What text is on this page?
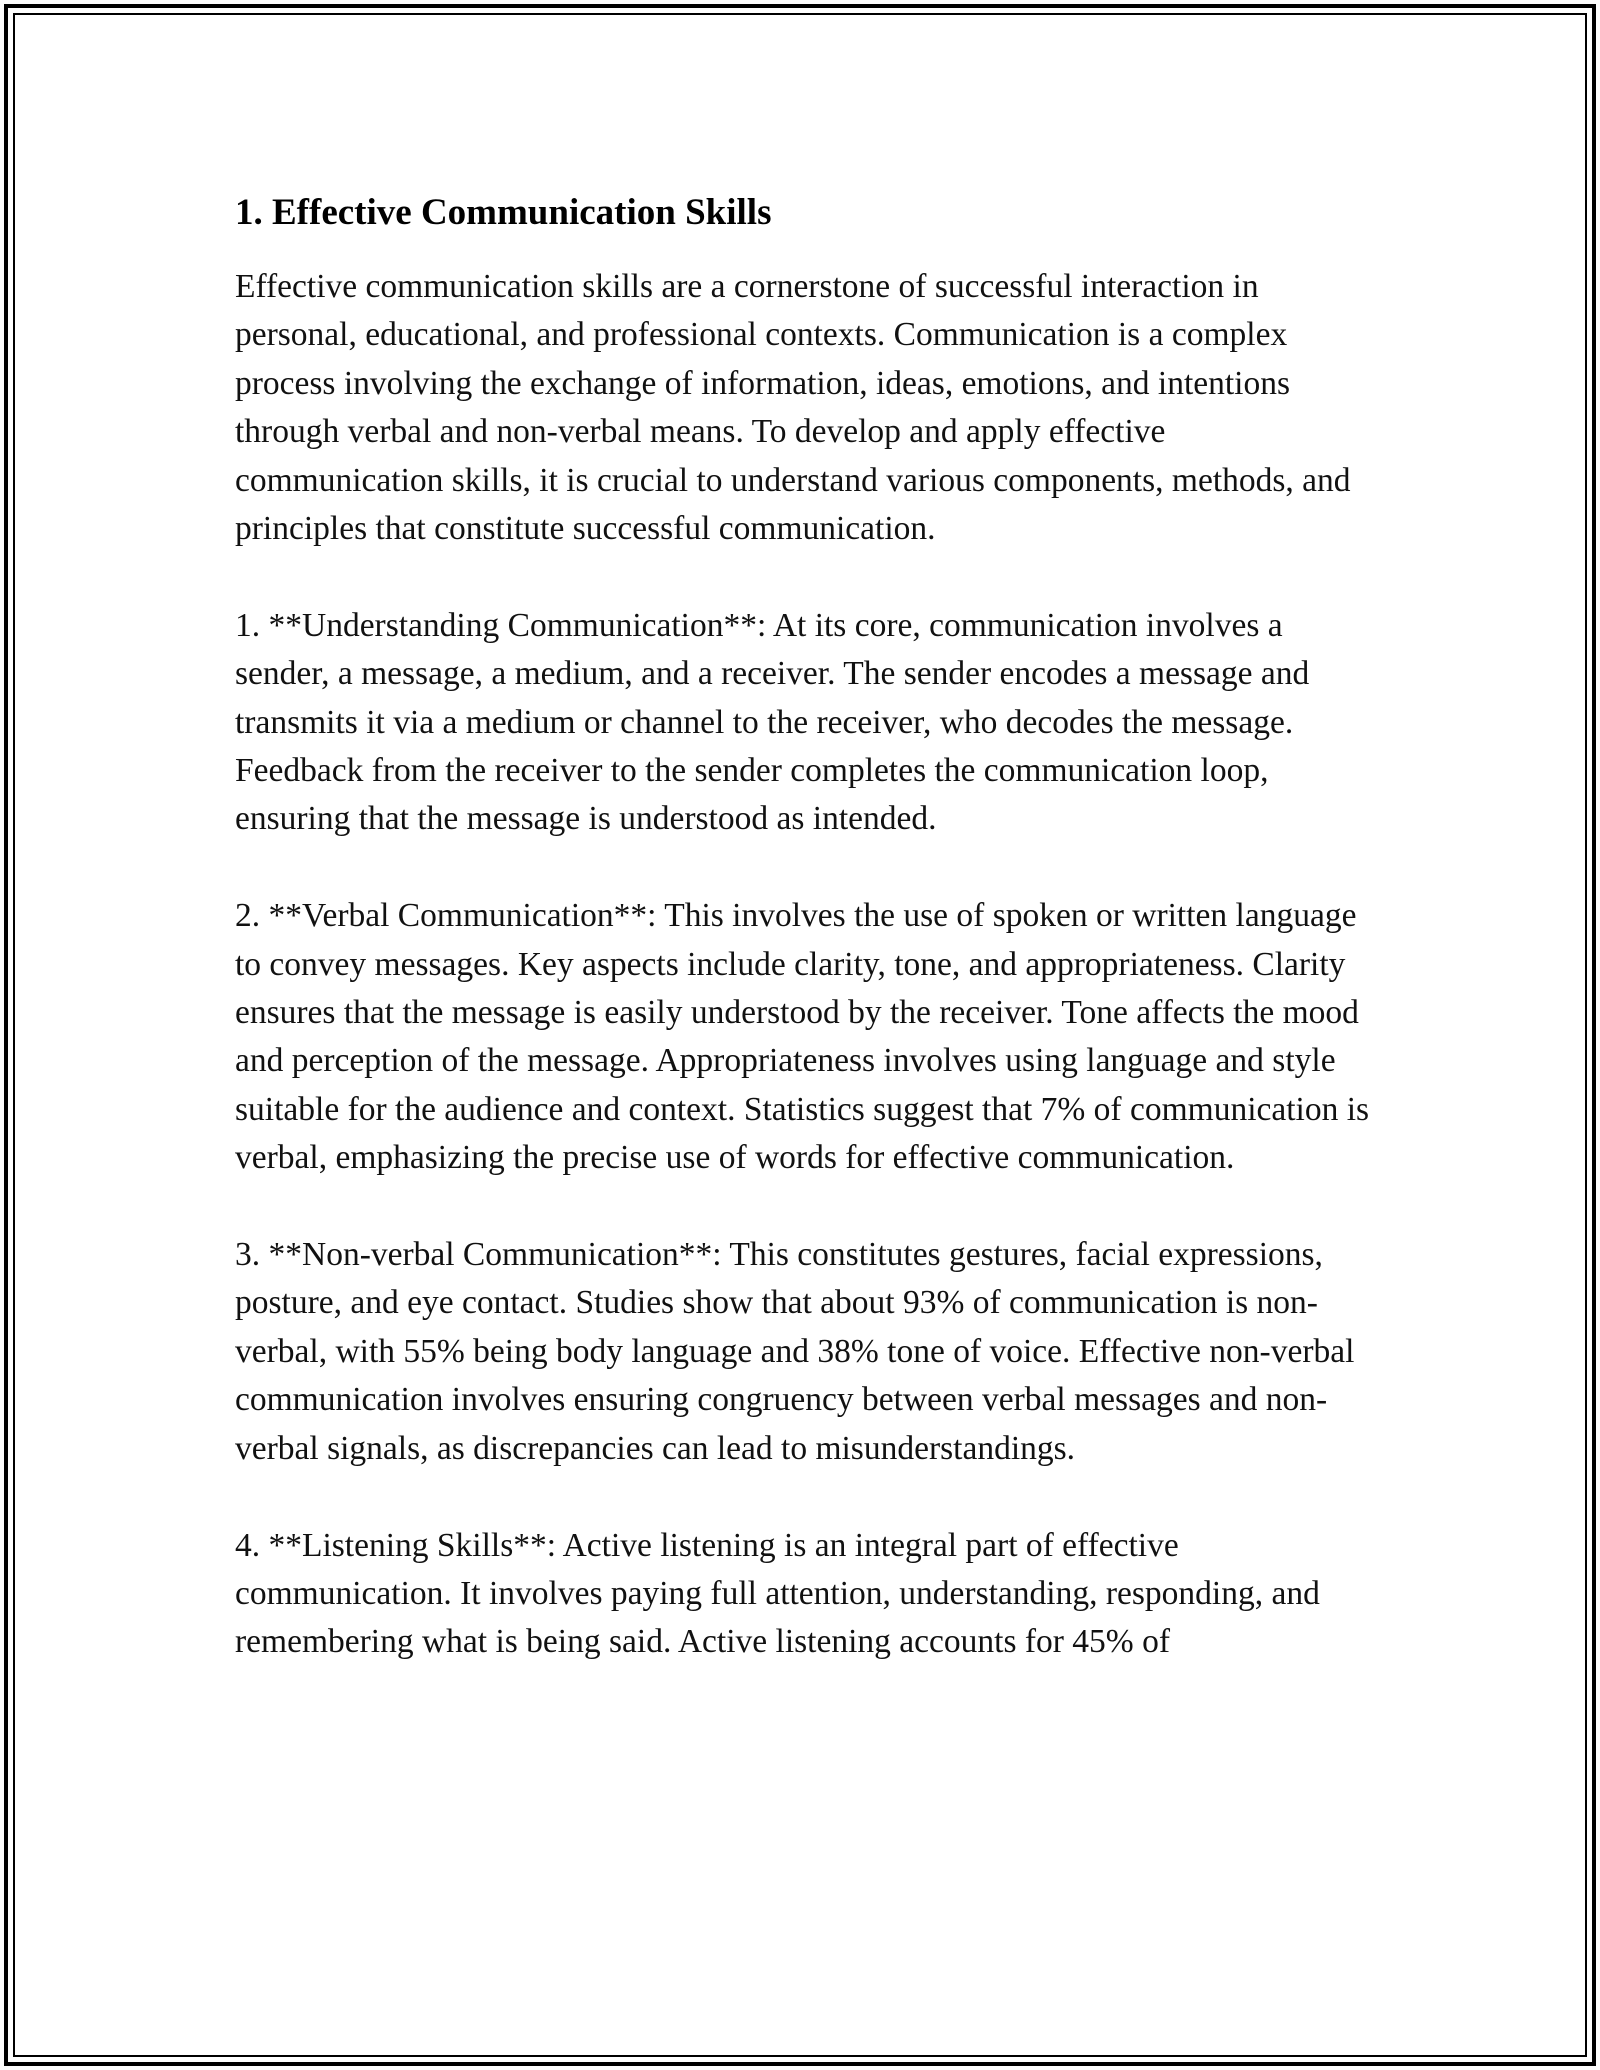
1. Effective Communication Skills

Effective communication skills are a cornerstone of successful interaction in personal, educational, and professional contexts. Communication is a complex process involving the exchange of information, ideas, emotions, and intentions through verbal and non-verbal means. To develop and apply effective communication skills, it is crucial to understand various components, methods, and principles that constitute successful communication.

1. **Understanding Communication**: At its core, communication involves a sender, a message, a medium, and a receiver. The sender encodes a message and transmits it via a medium or channel to the receiver, who decodes the message. Feedback from the receiver to the sender completes the communication loop, ensuring that the message is understood as intended.

2. **Verbal Communication**: This involves the use of spoken or written language to convey messages. Key aspects include clarity, tone, and appropriateness. Clarity ensures that the message is easily understood by the receiver. Tone affects the mood and perception of the message. Appropriateness involves using language and style suitable for the audience and context. Statistics suggest that 7% of communication is verbal, emphasizing the precise use of words for effective communication.

3. **Non-verbal Communication**: This constitutes gestures, facial expressions, posture, and eye contact. Studies show that about 93% of communication is non-verbal, with 55% being body language and 38% tone of voice. Effective non-verbal communication involves ensuring congruency between verbal messages and non-verbal signals, as discrepancies can lead to misunderstandings.

4. **Listening Skills**: Active listening is an integral part of effective communication. It involves paying full attention, understanding, responding, and remembering what is being said. Active listening accounts for 45% of
